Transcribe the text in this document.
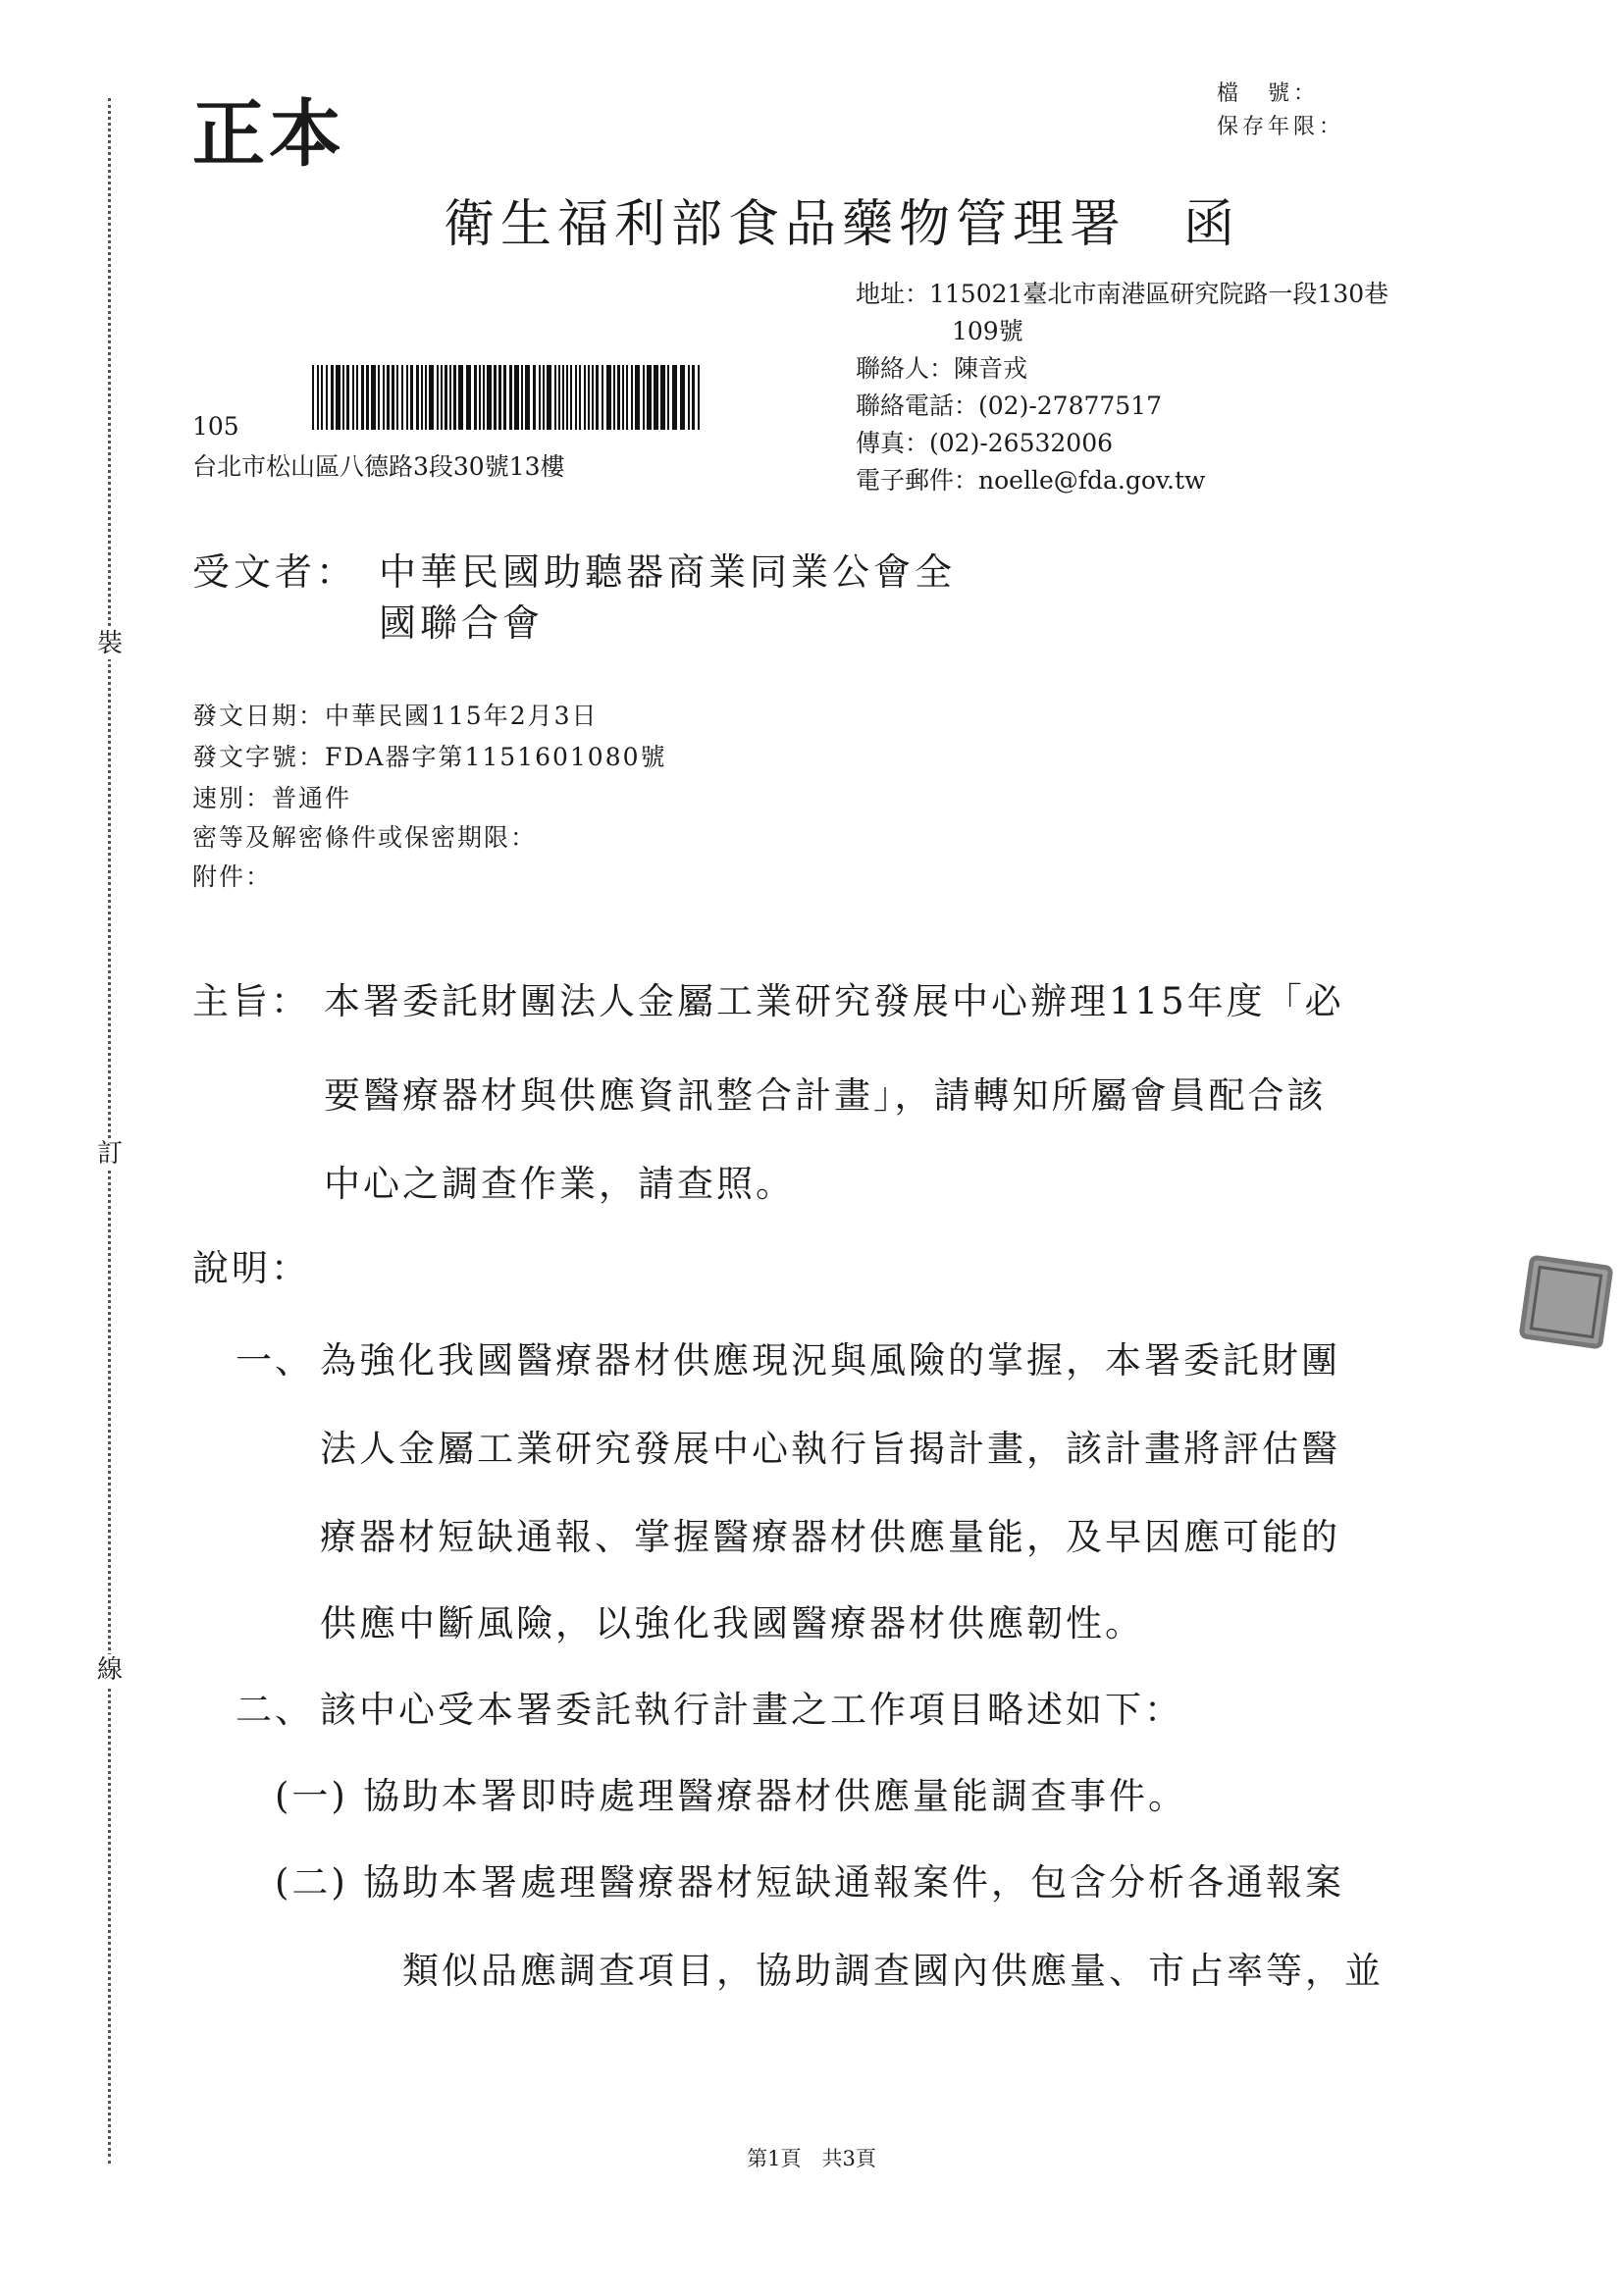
裝
訂
線
正本	檔　號：
保存年限：
衛生福利部食品藥物管理署　函
地址：115021臺北市南港區研究院路一段130巷
109號
聯絡人：陳音戎
聯絡電話：(02)-27877517
傳真：(02)-26532006
電子郵件：noelle@fda.gov.tw
105
台北市松山區八德路3段30號13樓
受文者： 中華民國助聽器商業同業公會全
國聯合會
發文日期：中華民國115年2月3日
發文字號：FDA器字第1151601080號
速別：普通件
密等及解密條件或保密期限：
附件：
主旨： 本署委託財團法人金屬工業研究發展中心辦理115年度「必
要醫療器材與供應資訊整合計畫」，請轉知所屬會員配合該
中心之調查作業，請查照。
說明：
一、 為強化我國醫療器材供應現況與風險的掌握，本署委託財團
法人金屬工業研究發展中心執行旨揭計畫，該計畫將評估醫
療器材短缺通報、掌握醫療器材供應量能，及早因應可能的
供應中斷風險，以強化我國醫療器材供應韌性。
二、 該中心受本署委託執行計畫之工作項目略述如下：
(一) 協助本署即時處理醫療器材供應量能調查事件。
(二) 協助本署處理醫療器材短缺通報案件，包含分析各通報案
類似品應調查項目，協助調查國內供應量、市占率等，並
第1頁　共3頁
